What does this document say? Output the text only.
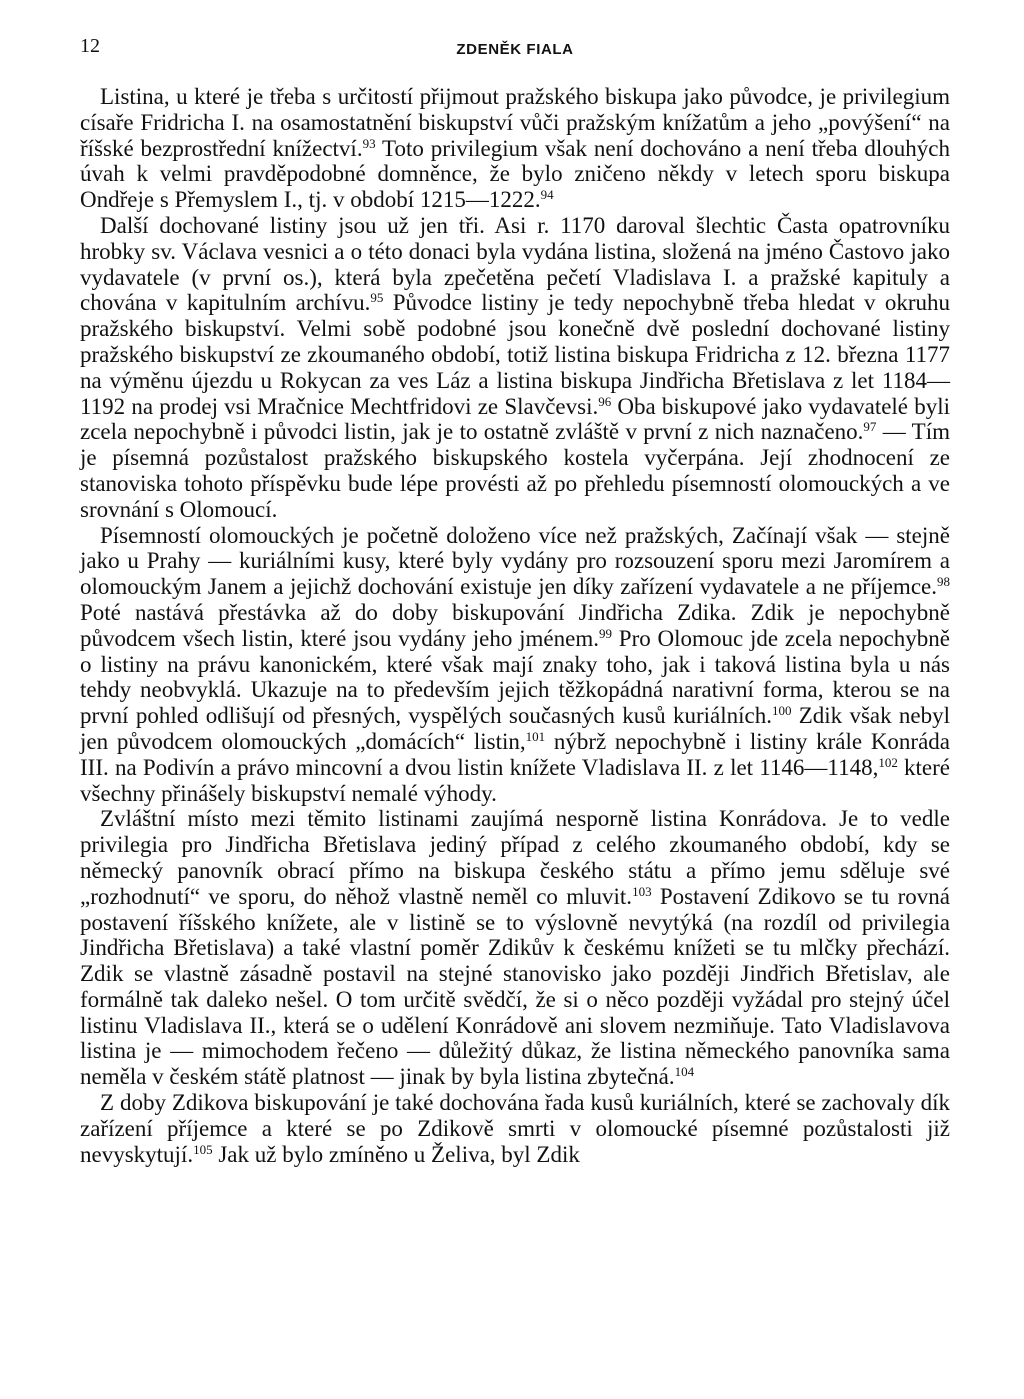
12	ZDENĚK FIALA

Listina, u které je třeba s určitostí přijmout pražského biskupa jako původce, je privilegium císaře Fridricha I. na osamostatnění biskupství vůči pražským knížatům a jeho „povýšení“ na říšské bezprostřední knížectví.$^{93}$ Toto privilegium však není dochováno a není třeba dlouhých úvah k velmi pravděpodobné domněnce, že bylo zničeno někdy v letech sporu biskupa Ondřeje s Přemyslem I., tj. v období 1215—1222.94

Další dochované listiny jsou už jen tři. Asi r. 1170 daroval šlechtic Časta opatrovníku hrobky sv. Václava vesnici a o této donaci byla vydána listina, složená na jméno Častovo jako vydavatele (v první os.), která byla zpečetěna pečetí Vladislava I. a pražské kapituly a chována v kapitulním archívu.$^{95}$ Původce listiny je tedy nepochybně třeba hledat v okruhu pražského biskupství. Velmi sobě podobné jsou konečně dvě poslední dochované listiny pražského biskupství ze zkoumaného období, totiž listina biskupa Fridricha z 12. března 1177 na výměnu újezdu u Rokycan za ves Láz a listina biskupa Jindřicha Břetislava z let 1184—1192 na prodej vsi Mračnice Mechtfridovi ze Slavčevsi.$^{96}$ Oba biskupové jako vydavatelé byli zcela nepochybně i původci listin, jak je to ostatně zvláště v první z nich naznačeno.$^{97}$ — Tím je písemná pozůstalost pražského biskupského kostela vyčerpána. Její zhodnocení ze stanoviska tohoto příspěvku bude lépe provésti až po přehledu písemností olomouckých a ve srovnání s Olomoucí.

Písemností olomouckých je početně doloženo více než pražských, Začínají však — stejně jako u Prahy — kuriálními kusy, které byly vydány pro rozsouzení sporu mezi Jaromírem a olomouckým Janem a jejichž dochování existuje jen díky zařízení vydavatele a ne příjemce.$^{98}$ Poté nastává přestávka až do doby biskupování Jindřicha Zdika. Zdik je nepochybně původcem všech listin, které jsou vydány jeho jménem.$^{99}$ Pro Olomouc jde zcela nepochybně o listiny na právu kanonickém, které však mají znaky toho, jak i taková listina byla u nás tehdy neobvyklá. Ukazuje na to především jejich těžkopádná narativní forma, kterou se na první pohled odlišují od přesných, vyspělých současných kusů kuriálních.$^{100}$ Zdik však nebyl jen původcem olomouckých „domácích“ listin,$^{101}$ nýbrž nepochybně i listiny krále Konráda III. na Podivín a právo mincovní a dvou listin knížete Vladislava II. z let 1146—1148,$^{102}$ které všechny přinášely biskupství nemalé výhody.

Zvláštní místo mezi těmito listinami zaujímá nesporně listina Konrádova. Je to vedle privilegia pro Jindřicha Břetislava jediný případ z celého zkoumaného období, kdy se německý panovník obrací přímo na biskupa českého státu a přímo jemu sděluje své „rozhodnutí“ ve sporu, do něhož vlastně neměl co mluvit.$^{103}$ Postavení Zdikovo se tu rovná postavení říšského knížete, ale v listině se to výslovně nevytýká (na rozdíl od privilegia Jindřicha Břetislava) a také vlastní poměr Zdikův k českému knížeti se tu mlčky přechází. Zdik se vlastně zásadně postavil na stejné stanovisko jako později Jindřich Břetislav, ale formálně tak daleko nešel. O tom určitě svědčí, že si o něco později vyžádal pro stejný účel listinu Vladislava II., která se o udělení Konrádově ani slovem nezmiňuje. Tato Vladislavova listina je — mimochodem řečeno — důležitý důkaz, že listina německého panovníka sama neměla v českém státě platnost — jinak by byla listina zbytečná.$^{104}$

Z doby Zdikova biskupování je také dochována řada kusů kuriálních, které se zachovaly dík zařízení příjemce a které se po Zdikově smrti v olomoucké písemné pozůstalosti již nevyskytují.$^{105}$ Jak už bylo zmíněno u Želiva, byl Zdik
